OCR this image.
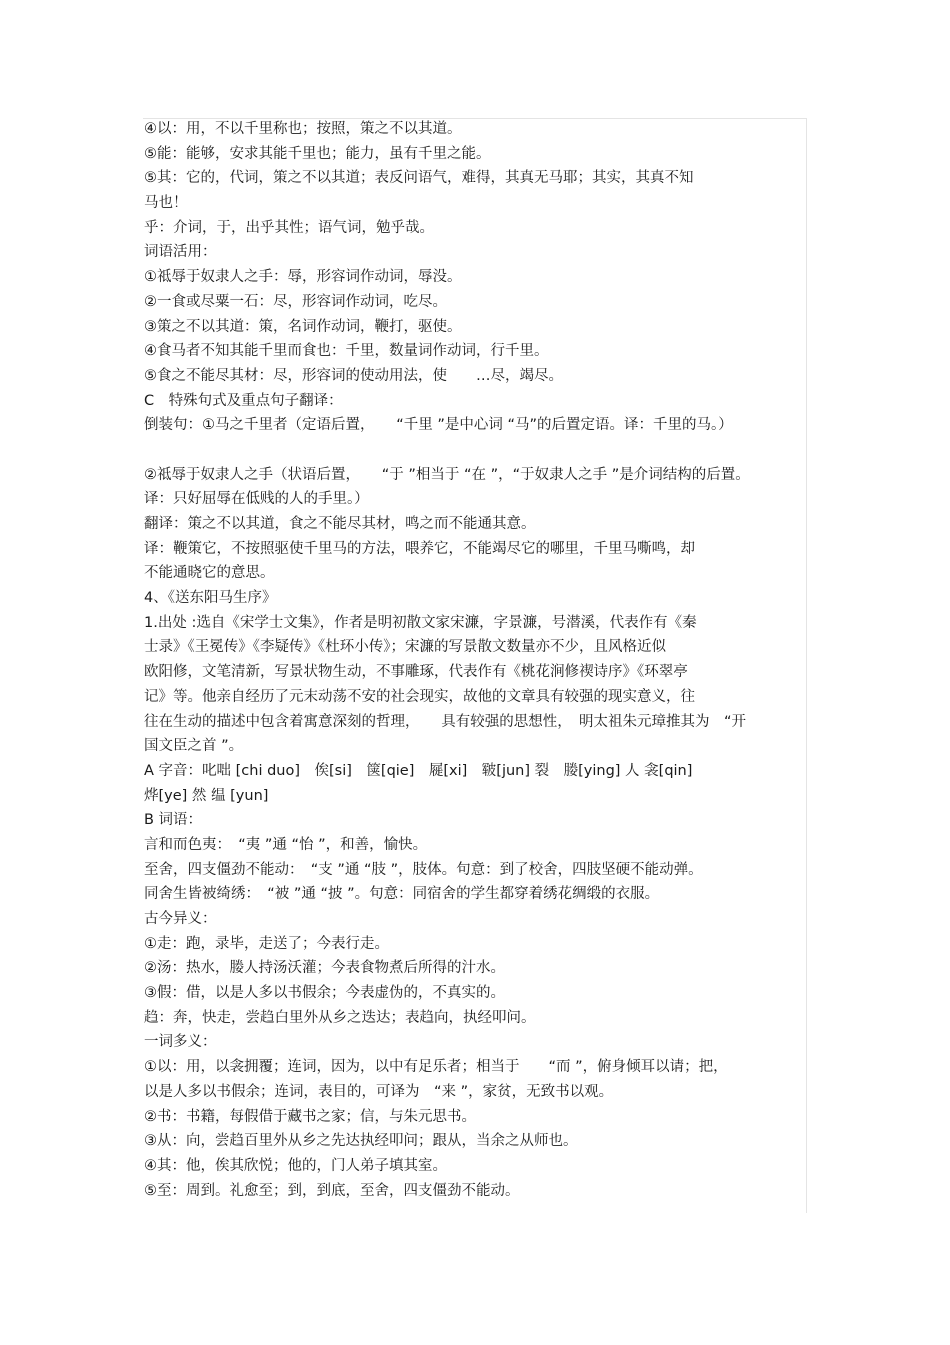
④以：用，不以千里称也；按照，策之不以其道。
⑤能：能够，安求其能千里也；能力，虽有千里之能。
⑤其：它的，代词，策之不以其道；表反问语气，难得，其真无马耶；其实，其真不知
马也！
乎：介词，于，出乎其性；语气词，勉乎哉。
词语活用：
①祗辱于奴隶人之手：辱，形容词作动词，辱没。
②一食或尽粟一石：尽，形容词作动词，吃尽。
③策之不以其道：策，名词作动词，鞭打，驱使。
④食马者不知其能千里而食也：千里，数量词作动词，行千里。
⑤食之不能尽其材：尽，形容词的使动用法，使　　…尽，竭尽。
C　特殊句式及重点句子翻译：
倒装句：①马之千里者（定语后置，　　“千里 ”是中心词 “马”的后置定语。译：千里的马。）
②祗辱于奴隶人之手（状语后置，　　“于 ”相当于 “在 ”，“于奴隶人之手 ”是介词结构的后置。
译：只好屈辱在低贱的人的手里。）
翻译：策之不以其道，食之不能尽其材，鸣之而不能通其意。
译：鞭策它，不按照驱使千里马的方法，喂养它，不能竭尽它的哪里，千里马嘶鸣，却
不能通晓它的意思。
4、《送东阳马生序》
1.出处 :选自《宋学士文集》，作者是明初散文家宋濂，字景濂，号潜溪，代表作有《秦
士录》《王冕传》《李疑传》《杜环小传》；宋濂的写景散文数量亦不少，且风格近似
欧阳修，文笔清新，写景状物生动，不事雕琢，代表作有《桃花涧修禊诗序》《环翠亭
记》等。他亲自经历了元末动荡不安的社会现实，故他的文章具有较强的现实意义，往
往在生动的描述中包含着寓意深刻的哲理，　　具有较强的思想性，　明太祖朱元璋推其为　“开
国文臣之首 ”。
A 字音：叱咄 [chi duo]　俟[si]　箧[qie]　屣[xi]　皲[jun] 裂　媵[ying] 人 衾[qin]
烨[ye] 然 缊 [yun]
B 词语：
言和而色夷：　“夷 ”通 “怡 ”，和善，愉快。
至舍，四支僵劲不能动：　“支 ”通 “肢 ”，肢体。句意：到了校舍，四肢坚硬不能动弹。
同舍生皆被绮绣：　“被 ”通 “披 ”。句意：同宿舍的学生都穿着绣花绸缎的衣服。
古今异义：
①走：跑，录毕，走送了；今表行走。
②汤：热水，媵人持汤沃灌；今表食物煮后所得的汁水。
③假：借，以是人多以书假余；今表虚伪的，不真实的。
趋：奔，快走，尝趋白里外从乡之迭达；表趋向，执经叩问。
一词多义：
①以：用，以衾拥覆；连词，因为，以中有足乐者；相当于　　“而 ”，俯身倾耳以请；把，
以是人多以书假余；连词，表目的，可译为　“来 ”，家贫，无致书以观。
②书：书籍，每假借于藏书之家；信，与朱元思书。
③从：向，尝趋百里外从乡之先达执经叩问；跟从，当余之从师也。
④其：他，俟其欣悦；他的，门人弟子填其室。
⑤至：周到。礼愈至；到，到底，至舍，四支僵劲不能动。
